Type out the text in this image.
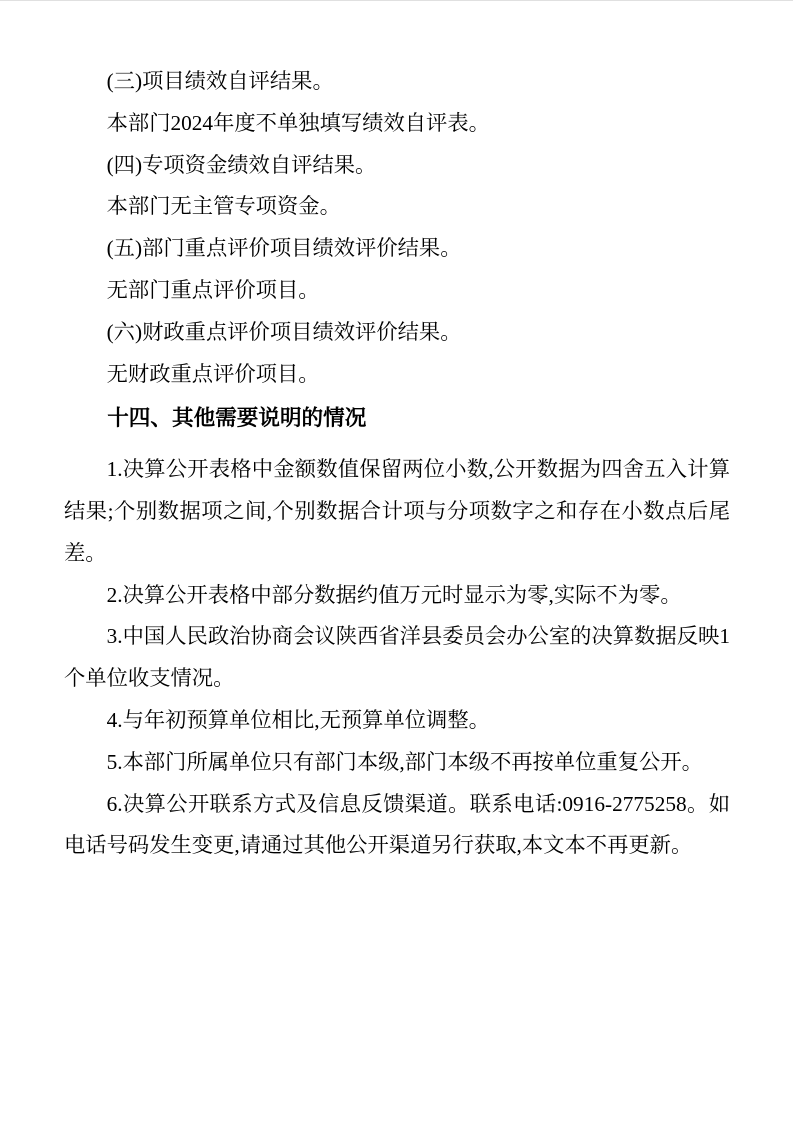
(三)项目绩效自评结果。

本部门2024年度不单独填写绩效自评表。

(四)专项资金绩效自评结果。

本部门无主管专项资金。

(五)部门重点评价项目绩效评价结果。

无部门重点评价项目。

(六)财政重点评价项目绩效评价结果。

无财政重点评价项目。

十四、其他需要说明的情况

1.决算公开表格中金额数值保留两位小数,公开数据为四舍五入计算结果;个别数据项之间,个别数据合计项与分项数字之和存在小数点后尾差。

2.决算公开表格中部分数据约值万元时显示为零,实际不为零。

3.中国人民政治协商会议陕西省洋县委员会办公室的决算数据反映1个单位收支情况。

4.与年初预算单位相比,无预算单位调整。

5.本部门所属单位只有部门本级,部门本级不再按单位重复公开。

6.决算公开联系方式及信息反馈渠道。联系电话:0916-2775258。如电话号码发生变更,请通过其他公开渠道另行获取,本文本不再更新。
